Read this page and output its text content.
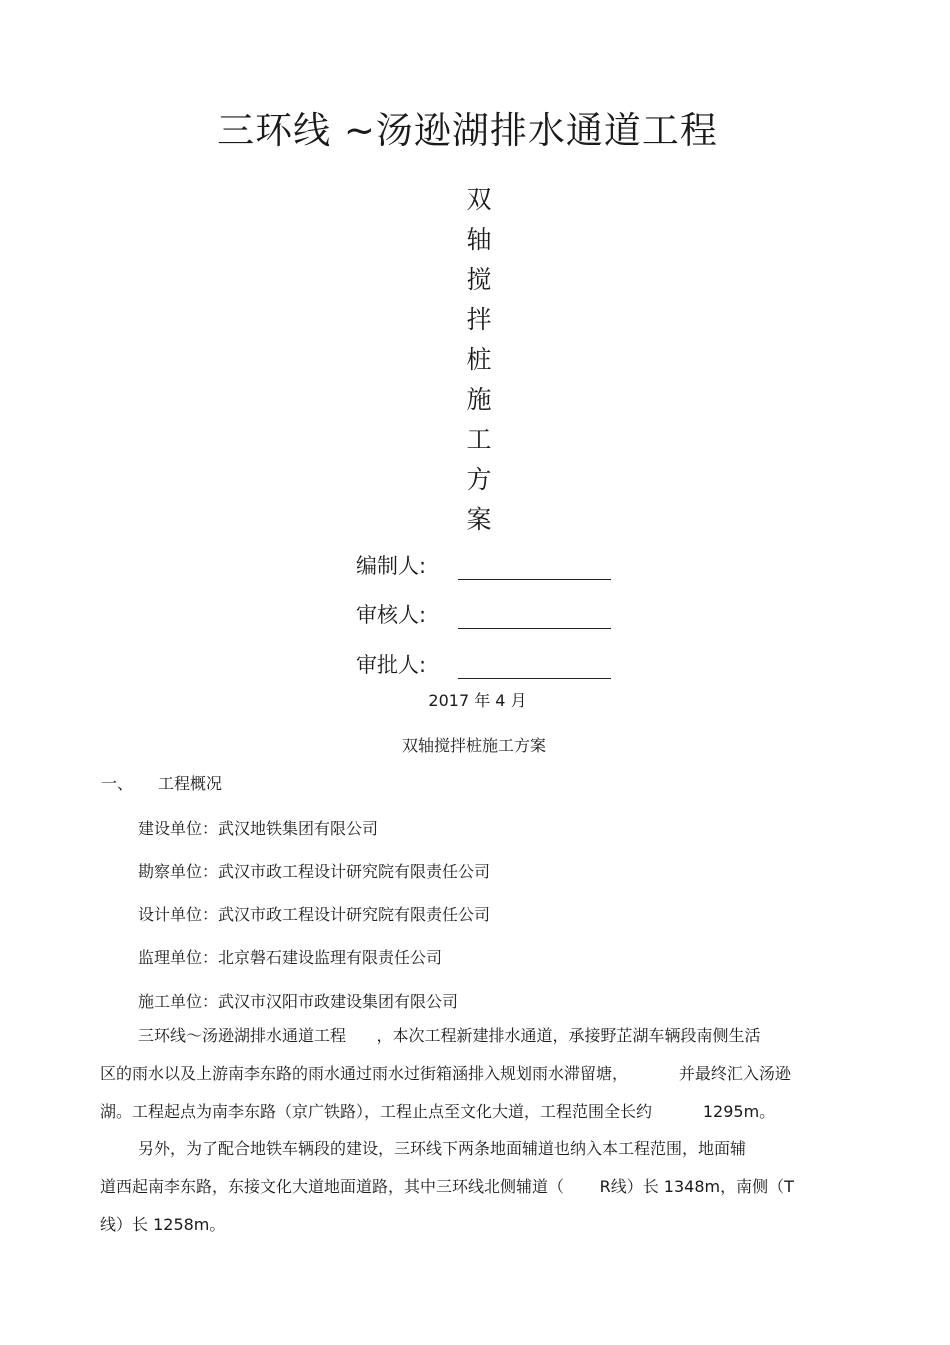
三环线 ~汤逊湖排水通道工程
双
轴
搅
拌
桩
施
工
方
案
编制人:
审核人:
审批人:
2017 年 4 月
双轴搅拌桩施工方案
一、 工程概况
建设单位：武汉地铁集团有限公司
勘察单位：武汉市政工程设计研究院有限责任公司
设计单位：武汉市政工程设计研究院有限责任公司
监理单位：北京磐石建设监理有限责任公司
施工单位：武汉市汉阳市政建设集团有限公司
三环线～汤逊湖排水通道工程      ，本次工程新建排水通道，承接野芷湖车辆段南侧生活
区的雨水以及上游南李东路的雨水通过雨水过街箱涵排入规划雨水滞留塘，          并最终汇入汤逊
湖。工程起点为南李东路（京广铁路），工程止点至文化大道，工程范围全长约          1295m。
另外，为了配合地铁车辆段的建设，三环线下两条地面辅道也纳入本工程范围，地面辅
道西起南李东路，东接文化大道地面道路，其中三环线北侧辅道（       R线）长 1348m，南侧（T
线）长 1258m。
